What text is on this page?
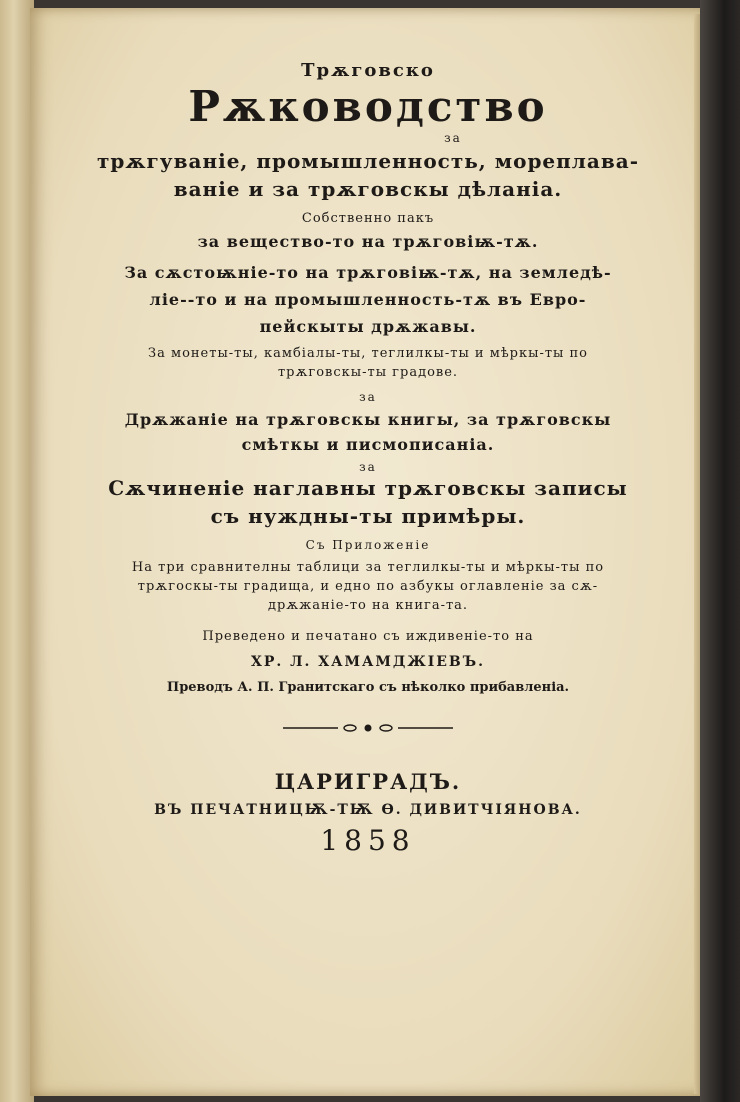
Трѫговско
Рѫководство
за
трѫгуваніе, промышленность, мореплава-
ваніе и за трѫговскы дѣланіа.
Собственно пакъ
за вещество-то на трѫговіѭ-тѫ.
За сѫстоѭніе-то на трѫговіѭ-тѫ, на земледѣ-
ліе--то и на промышленность-тѫ въ Евро-
пейскыты дрѫжавы.
За монеты-ты, камбіалы-ты, теглилкы-ты и мѣркы-ты по
трѫговскы-ты градове.
за
Дрѫжаніе на трѫговскы книгы, за трѫговскы
смѣткы и писмописаніа.
за
Сѫчиненіе наглавны трѫговскы записы
съ нуждны-ты примѣры.
Съ Приложеніе
На три сравнителны таблици за теглилкы-ты и мѣркы-ты по
трѫгоскы-ты градища, и едно по азбукы оглавленіе за сѫ-
дрѫжаніе-то на книга-та.
Преведено и печатано съ иждивеніе-то на
ХР. Л. ХАМАМДЖІЕВЪ.
Преводъ А. П. Гранитскаго съ нѣколко прибавленіа.
ЦАРИГРАДЪ.
ВЪ ПЕЧАТНИЦѬ-ТѬ Ѳ. ДИВИТЧІЯНОВА.
1858
